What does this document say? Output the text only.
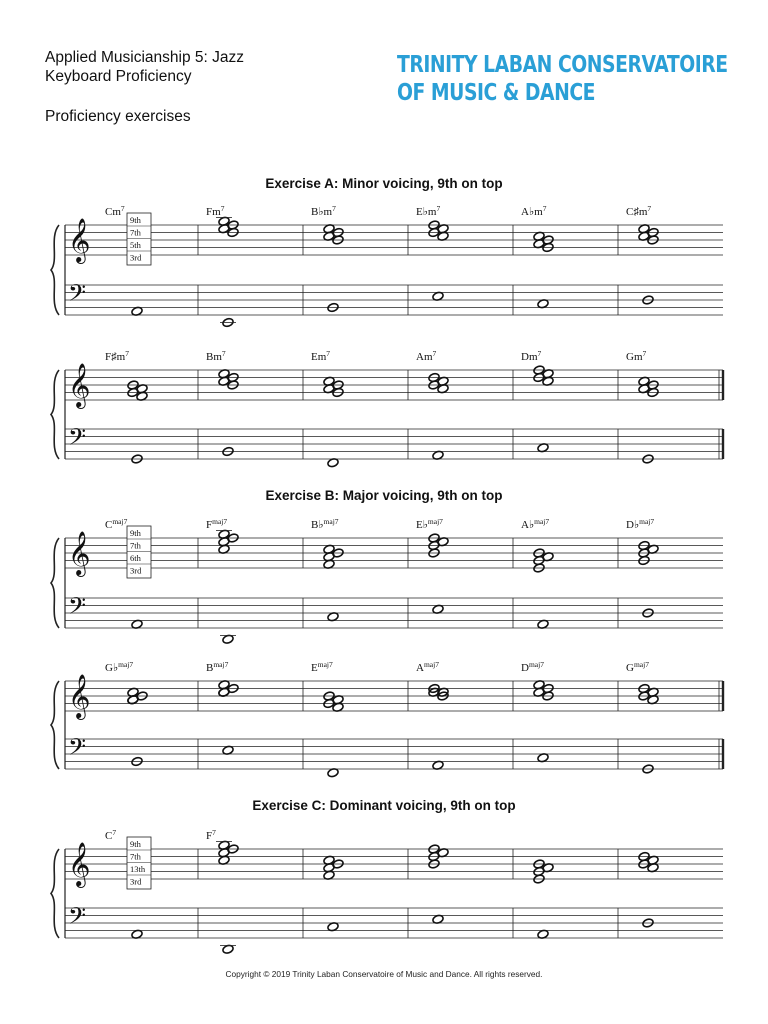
Applied Musicianship 5: Jazz
Keyboard Proficiency
Proficiency exercises
TRINITY LABAN CONSERVATOIRE
OF MUSIC & DANCE
Exercise A: Minor voicing, 9th on top
Exercise B: Major voicing, 9th on top
Exercise C: Dominant voicing, 9th on top
𝄞
𝄢
Cm$^7$	Fm$^7$	$B♭m^7$	$E♭m^7$	$A♭m^7$	$C♯m^7$
9th
7th
5th
3rd
𝄞
𝄢
$F♯m^7$	Bm$^7$	Em$^7$	Am$^7$	Dm$^7$	Gm$^7$
𝄞
𝄢
$C^{maj7}$	$F^{maj7}$	B♭$^{maj7}$	E♭$^{maj7}$	A♭$^{maj7}$	D♭$^{maj7}$
9th
7th
6th
3rd
𝄞
𝄢
G♭$^{maj7}$	$B^{maj7}$	$E^{maj7}$	$A^{maj7}$	$D^{maj7}$	$G^{maj7}$
𝄞
𝄢
$C^7$	$F^7$
9th
7th
13th
3rd
Copyright © 2019 Trinity Laban Conservatoire of Music and Dance. All rights reserved.
